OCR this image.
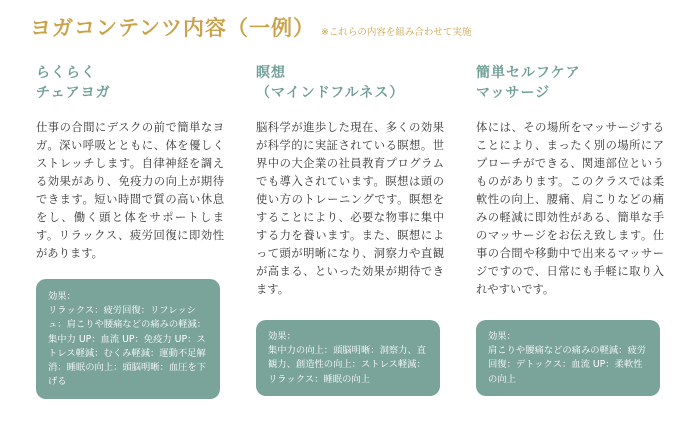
ヨガコンテンツ内容（一例） ※これらの内容を組み合わせて実施
らくらく
チェアヨガ
仕事の合間にデスクの前で簡単なヨガ。深い呼吸とともに、体を優しくストレッチします。自律神経を調える効果があり、免疫力の向上が期待できます。短い時間で質の高い休息をし、働く頭と体をサポートします。リラックス、疲労回復に即効性があります。
瞑想
（マインドフルネス）
脳科学が進歩した現在、多くの効果が科学的に実証されている瞑想。世界中の大企業の社員教育プログラムでも導入されています。瞑想は頭の使い方のトレーニングです。瞑想をすることにより、必要な物事に集中する力を養います。また、瞑想によって頭が明晰になり、洞察力や直観が高まる、といった効果が期待できます。
簡単セルフケア
マッサージ
体には、その場所をマッサージすることにより、まったく別の場所にアプローチができる、関連部位というものがあります。このクラスでは柔軟性の向上、腰痛、肩こりなどの痛みの軽減に即効性がある、簡単な手のマッサージをお伝え致します。仕事の合間や移動中で出来るマッサージですので、日常にも手軽に取り入れやすいです。
効果：
リラックス：疲労回復：リフレッシュ：肩こりや腰痛などの痛みの軽減：集中力 UP：血流 UP：免疫力 UP：ストレス軽減：むくみ軽減：運動不足解消：睡眠の向上：頭脳明晰：血圧を下げる
効果：
集中力の向上：頭脳明晰：洞察力、直観力、創造性の向上：ストレス軽減：リラックス：睡眠の向上
効果：
肩こりや腰痛などの痛みの軽減：疲労回復：デトックス：血流 UP：柔軟性の向上
